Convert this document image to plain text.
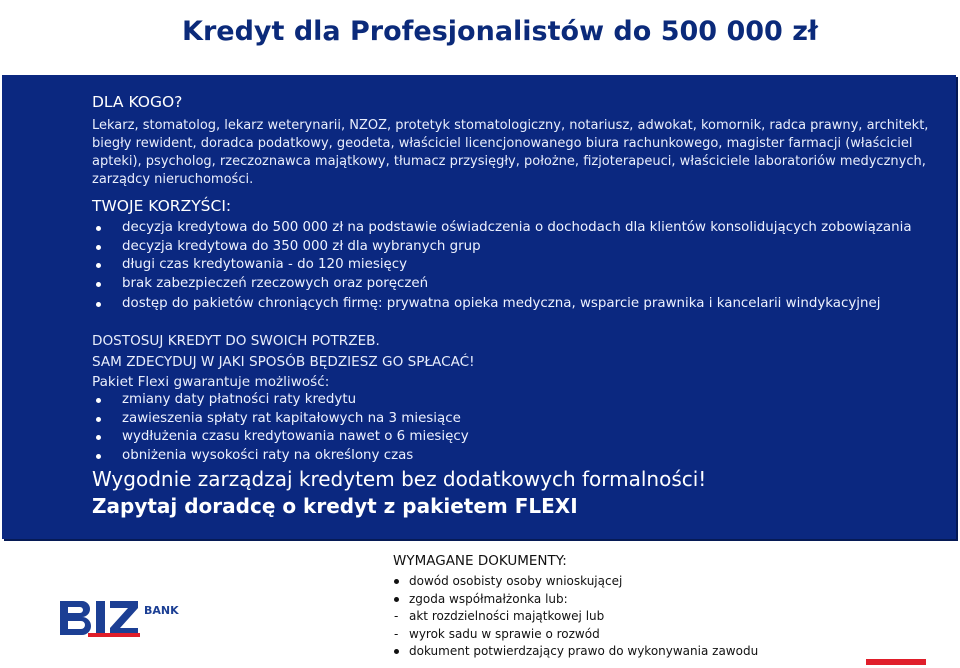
Kredyt dla Profesjonalistów do 500 000 zł
DLA KOGO?
Lekarz, stomatolog, lekarz weterynarii, NZOZ, protetyk stomatologiczny, notariusz, adwokat, komornik, radca prawny, architekt, biegły rewident, doradca podatkowy, geodeta, właściciel licencjonowanego biura rachunkowego, magister farmacji (właściciel apteki), psycholog, rzeczoznawca majątkowy, tłumacz przysięgły, położne, fizjoterapeuci, właściciele laboratoriów medycznych, zarządcy nieruchomości.
TWOJE KORZYŚCI:
decyzja kredytowa do 500 000 zł na podstawie oświadczenia o dochodach dla klientów konsolidujących zobowiązania
decyzja kredytowa do 350 000 zł dla wybranych grup
długi czas kredytowania - do 120 miesięcy
brak zabezpieczeń rzeczowych oraz poręczeń
dostęp do pakietów chroniących firmę: prywatna opieka medyczna, wsparcie prawnika i kancelarii windykacyjnej
DOSTOSUJ KREDYT DO SWOICH POTRZEB.
SAM ZDECYDUJ W JAKI SPOSÓB BĘDZIESZ GO SPŁACAĆ!
Pakiet Flexi gwarantuje możliwość:
zmiany daty płatności raty kredytu
zawieszenia spłaty rat kapitałowych na 3 miesiące
wydłużenia czasu kredytowania nawet o 6 miesięcy
obniżenia wysokości raty na określony czas
Wygodnie zarządzaj kredytem bez dodatkowych formalności!
Zapytaj doradcę o kredyt z pakietem FLEXI
BANK
WYMAGANE DOKUMENTY:
dowód osobisty osoby wnioskującej
zgoda współmałżonka lub:
- akt rozdzielności majątkowej lub
- wyrok sadu w sprawie o rozwód
dokument potwierdzający prawo do wykonywania zawodu
